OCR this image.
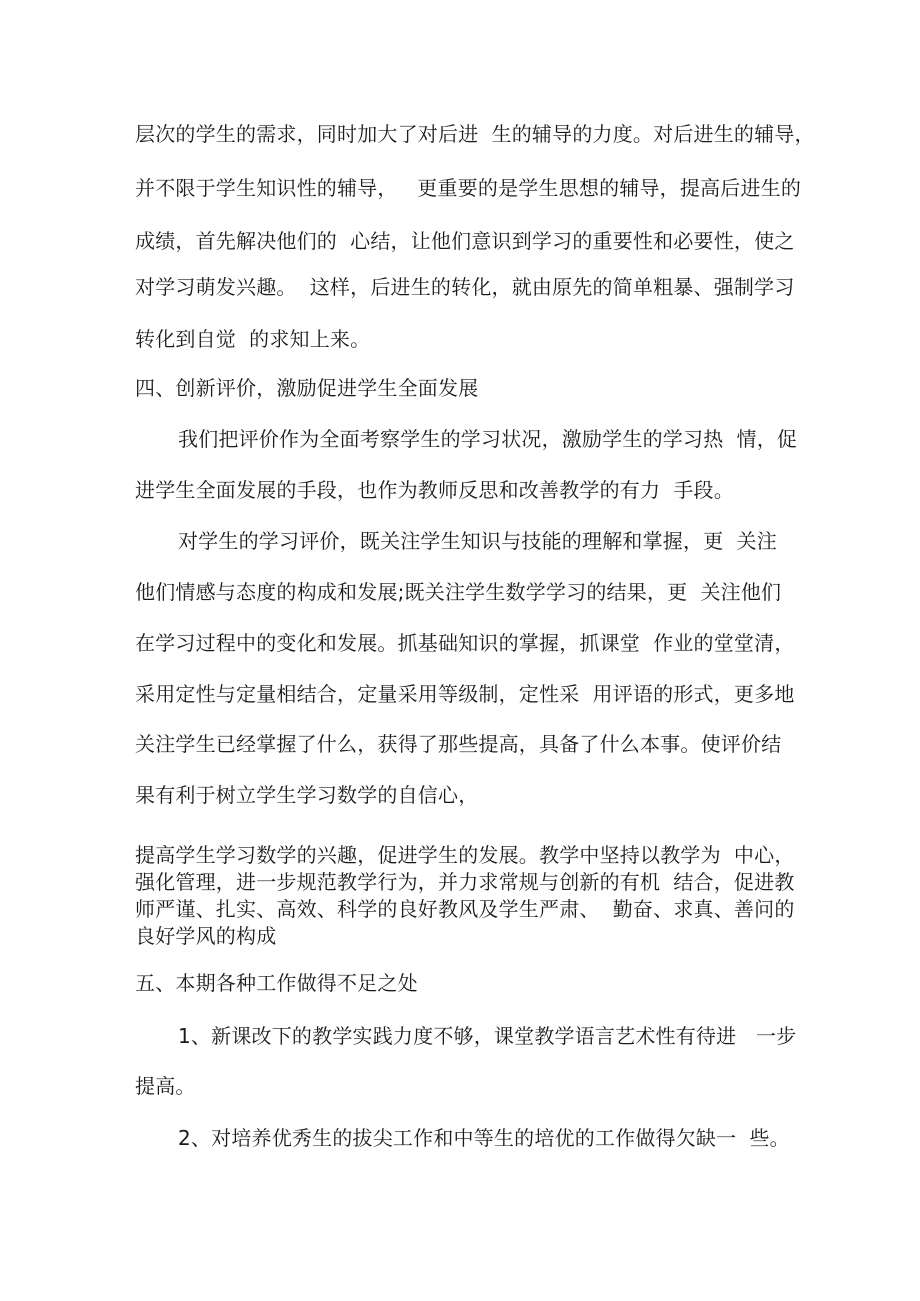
层次的学生的需求，同时加大了对后进  生的辅导的力度。对后进生的辅导，
并不限于学生知识性的辅导，   更重要的是学生思想的辅导，提高后进生的
成绩，首先解决他们的  心结，让他们意识到学习的重要性和必要性，使之
对学习萌发兴趣。  这样，后进生的转化，就由原先的简单粗暴、强制学习
转化到自觉  的求知上来。
四、创新评价，激励促进学生全面发展
我们把评价作为全面考察学生的学习状况，激励学生的学习热  情，促
进学生全面发展的手段，也作为教师反思和改善教学的有力  手段。
对学生的学习评价，既关注学生知识与技能的理解和掌握，更  关注
他们情感与态度的构成和发展;既关注学生数学学习的结果，更  关注他们
在学习过程中的变化和发展。抓基础知识的掌握，抓课堂  作业的堂堂清，
采用定性与定量相结合，定量采用等级制，定性采  用评语的形式，更多地
关注学生已经掌握了什么，获得了那些提高，具备了什么本事。使评价结
果有利于树立学生学习数学的自信心，
提高学生学习数学的兴趣，促进学生的发展。教学中坚持以教学为  中心，
强化管理，进一步规范教学行为，并力求常规与创新的有机  结合，促进教
师严谨、扎实、高效、科学的良好教风及学生严肃、  勤奋、求真、善问的
良好学风的构成
五、本期各种工作做得不足之处
1、新课改下的教学实践力度不够，课堂教学语言艺术性有待进   一步
提高。
2、对培养优秀生的拔尖工作和中等生的培优的工作做得欠缺一  些。
